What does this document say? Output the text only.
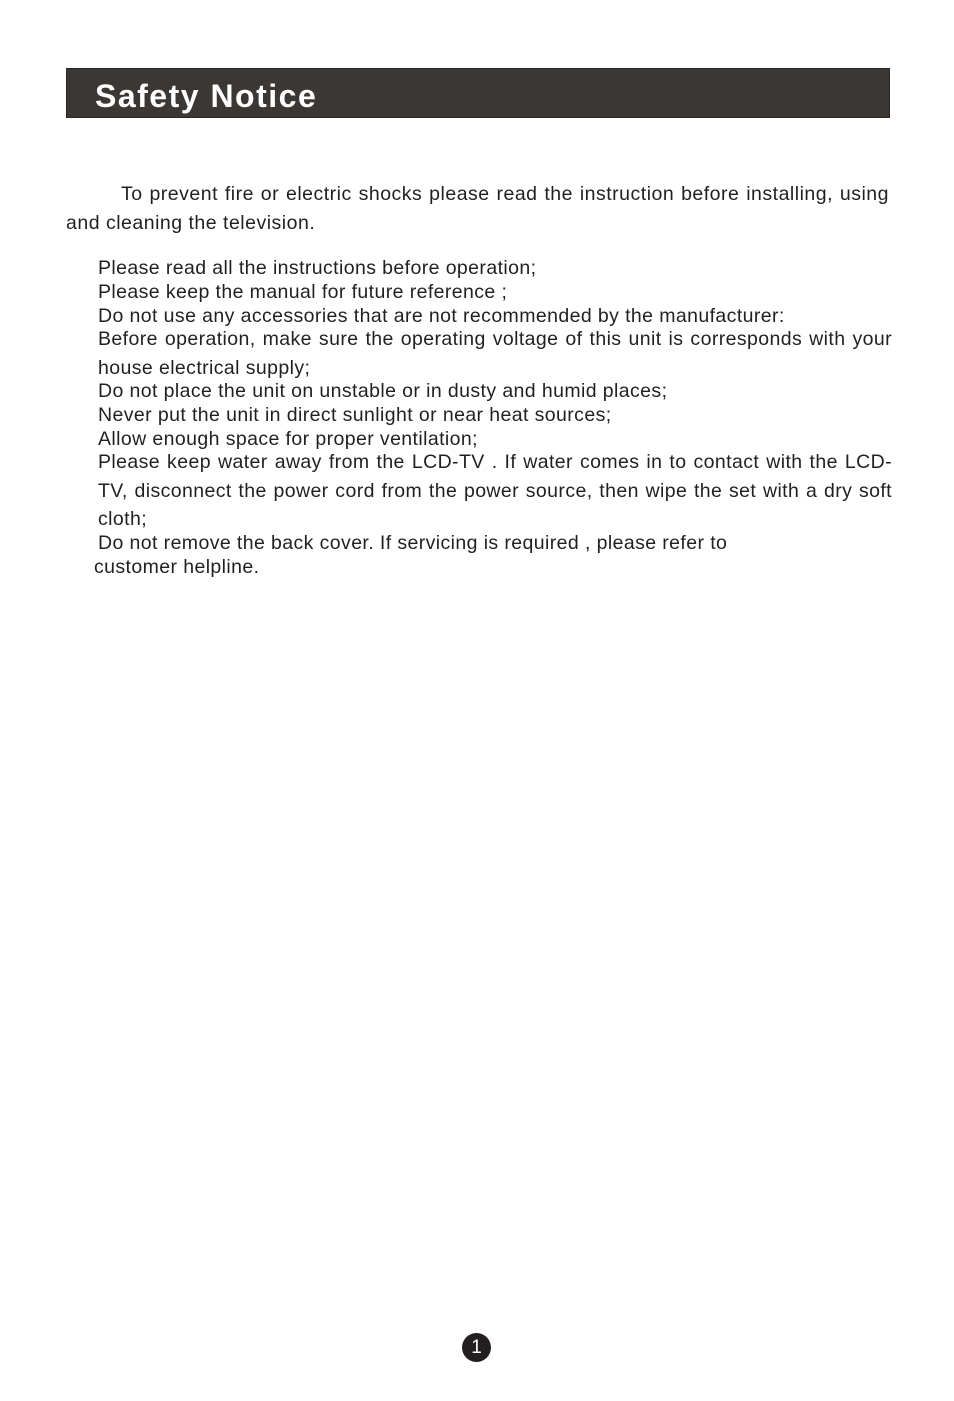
Safety Notice

To prevent fire or electric shocks please read the instruction before installing, using and cleaning the television.

Please read all the instructions before operation;
Please keep the manual for future reference ;
Do not use any accessories that are not recommended by the manufacturer:
Before operation, make sure the operating voltage of this unit is corresponds with your house electrical supply;
Do not place the unit on unstable or in dusty and humid places;
Never put the unit in direct sunlight or near heat sources;
Allow enough space for proper ventilation;
Please keep water away from the LCD-TV . If water comes in to contact with the LCD-TV, disconnect the power cord from the power source, then wipe the set with a dry soft cloth;
Do not remove the back cover. If servicing is required , please refer to
customer helpline.
1
